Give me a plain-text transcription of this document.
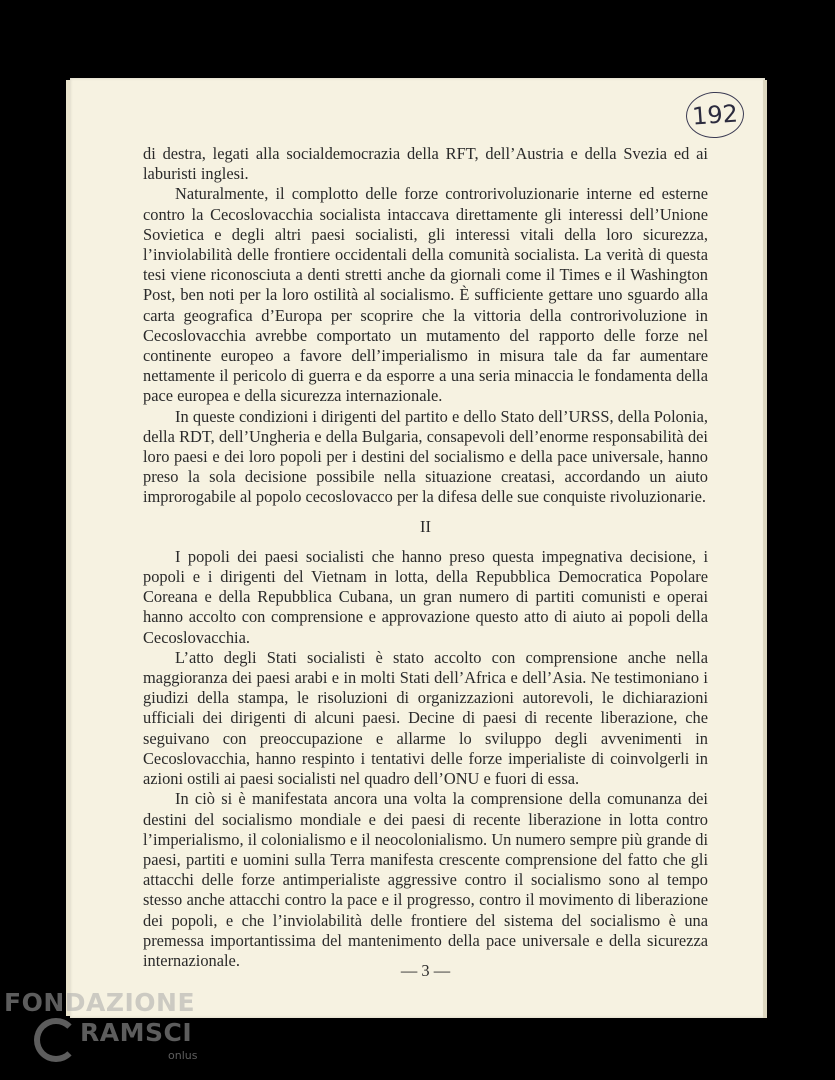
192

di destra, legati alla socialdemocrazia della RFT, dell’Austria e della Svezia ed ai laburisti inglesi.

Naturalmente, il complotto delle forze controrivoluzionarie interne ed esterne contro la Cecoslovacchia socialista intaccava direttamente gli interessi dell’Unione Sovietica e degli altri paesi socialisti, gli interessi vitali della loro sicurezza, l’inviolabilità delle frontiere occidentali della comunità socialista. La verità di questa tesi viene riconosciuta a denti stretti anche da giornali come il Times e il Washington Post, ben noti per la loro ostilità al socialismo. È sufficiente gettare uno sguardo alla carta geografica d’Europa per scoprire che la vittoria della controrivoluzione in Cecoslovacchia avrebbe comportato un mutamento del rapporto delle forze nel continente europeo a favore dell’imperialismo in misura tale da far aumentare nettamente il pericolo di guerra e da esporre a una seria minaccia le fondamenta della pace europea e della sicurezza internazionale.

In queste condizioni i dirigenti del partito e dello Stato dell’URSS, della Polonia, della RDT, dell’Ungheria e della Bulgaria, consapevoli dell’enorme responsabilità dei loro paesi e dei loro popoli per i destini del socialismo e della pace universale, hanno preso la sola decisione possibile nella situazione creatasi, accordando un aiuto improrogabile al popolo cecoslovacco per la difesa delle sue conquiste rivoluzionarie.

II

I popoli dei paesi socialisti che hanno preso questa impegnativa decisione, i popoli e i dirigenti del Vietnam in lotta, della Repubblica Democratica Popolare Coreana e della Repubblica Cubana, un gran numero di partiti comunisti e operai hanno accolto con comprensione e approvazione questo atto di aiuto ai popoli della Cecoslovacchia.

L’atto degli Stati socialisti è stato accolto con comprensione anche nella maggioranza dei paesi arabi e in molti Stati dell’Africa e dell’Asia. Ne testimoniano i giudizi della stampa, le risoluzioni di organizzazioni autorevoli, le dichiarazioni ufficiali dei dirigenti di alcuni paesi. Decine di paesi di recente liberazione, che seguivano con preoccupazione e allarme lo sviluppo degli avvenimenti in Cecoslovacchia, hanno respinto i tentativi delle forze imperialiste di coinvolgerli in azioni ostili ai paesi socialisti nel quadro dell’ONU e fuori di essa.

In ciò si è manifestata ancora una volta la comprensione della comunanza dei destini del socialismo mondiale e dei paesi di recente liberazione in lotta contro l’imperialismo, il colonialismo e il neocolonialismo. Un numero sempre più grande di paesi, partiti e uomini sulla Terra manifesta crescente comprensione del fatto che gli attacchi delle forze antimperialiste aggressive contro il socialismo sono al tempo stesso anche attacchi contro la pace e il progresso, contro il movimento di liberazione dei popoli, e che l’inviolabilità delle frontiere del sistema del socialismo è una premessa importantissima del mantenimento della pace universale e della sicurezza internazionale.

— 3 —
FONDAZIONE
RAMSCI
onlus
